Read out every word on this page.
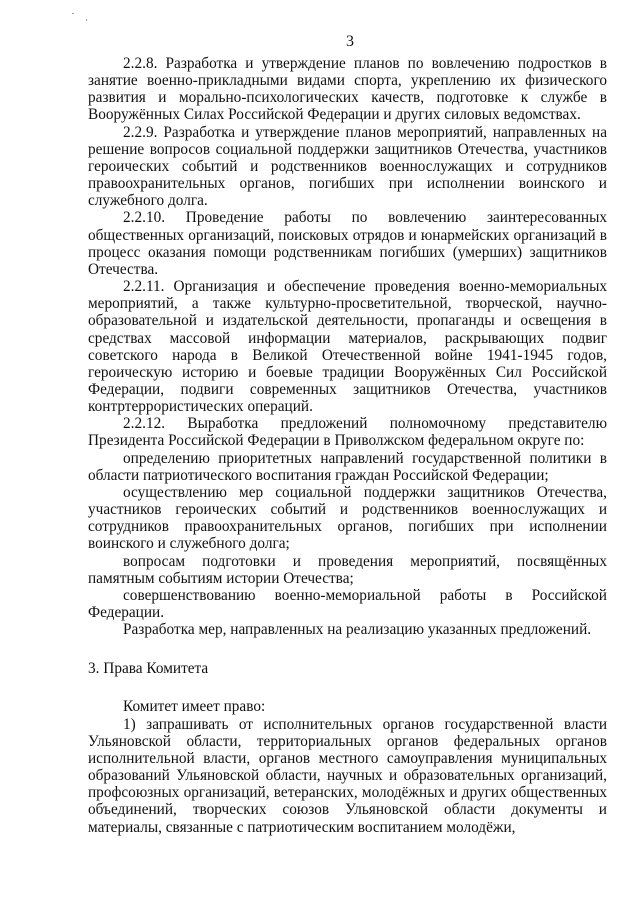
3

2.2.8. Разработка и утверждение планов по вовлечению подростков в занятие военно-прикладными видами спорта, укреплению их физического развития и морально-психологических качеств, подготовке к службе в Вооружённых Силах Российской Федерации и других силовых ведомствах.

2.2.9. Разработка и утверждение планов мероприятий, направленных на решение вопросов социальной поддержки защитников Отечества, участников героических событий и родственников военнослужащих и сотрудников правоохранительных органов, погибших при исполнении воинского и служебного долга.

2.2.10. Проведение работы по вовлечению заинтересованных общественных организаций, поисковых отрядов и юнармейских организаций в процесс оказания помощи родственникам погибших (умерших) защитников Отечества.

2.2.11. Организация и обеспечение проведения военно-мемориальных мероприятий, а также культурно-просветительной, творческой, научно-образовательной и издательской деятельности, пропаганды и освещения в средствах массовой информации материалов, раскрывающих подвиг советского народа в Великой Отечественной войне 1941-1945 годов, героическую историю и боевые традиции Вооружённых Сил Российской Федерации, подвиги современных защитников Отечества, участников контртеррористических операций.

2.2.12. Выработка предложений полномочному представителю Президента Российской Федерации в Приволжском федеральном округе по:

определению приоритетных направлений государственной политики в области патриотического воспитания граждан Российской Федерации;

осуществлению мер социальной поддержки защитников Отечества, участников героических событий и родственников военнослужащих и сотрудников правоохранительных органов, погибших при исполнении воинского и служебного долга;

вопросам подготовки и проведения мероприятий, посвящённых памятным событиям истории Отечества;

совершенствованию военно-мемориальной работы в Российской Федерации.

Разработка мер, направленных на реализацию указанных предложений.

3. Права Комитета

Комитет имеет право:

1) запрашивать от исполнительных органов государственной власти Ульяновской области, территориальных органов федеральных органов исполнительной власти, органов местного самоуправления муниципальных образований Ульяновской области, научных и образовательных организаций, профсоюзных организаций, ветеранских, молодёжных и других общественных объединений, творческих союзов Ульяновской области документы и материалы, связанные с патриотическим воспитанием молодёжи,
